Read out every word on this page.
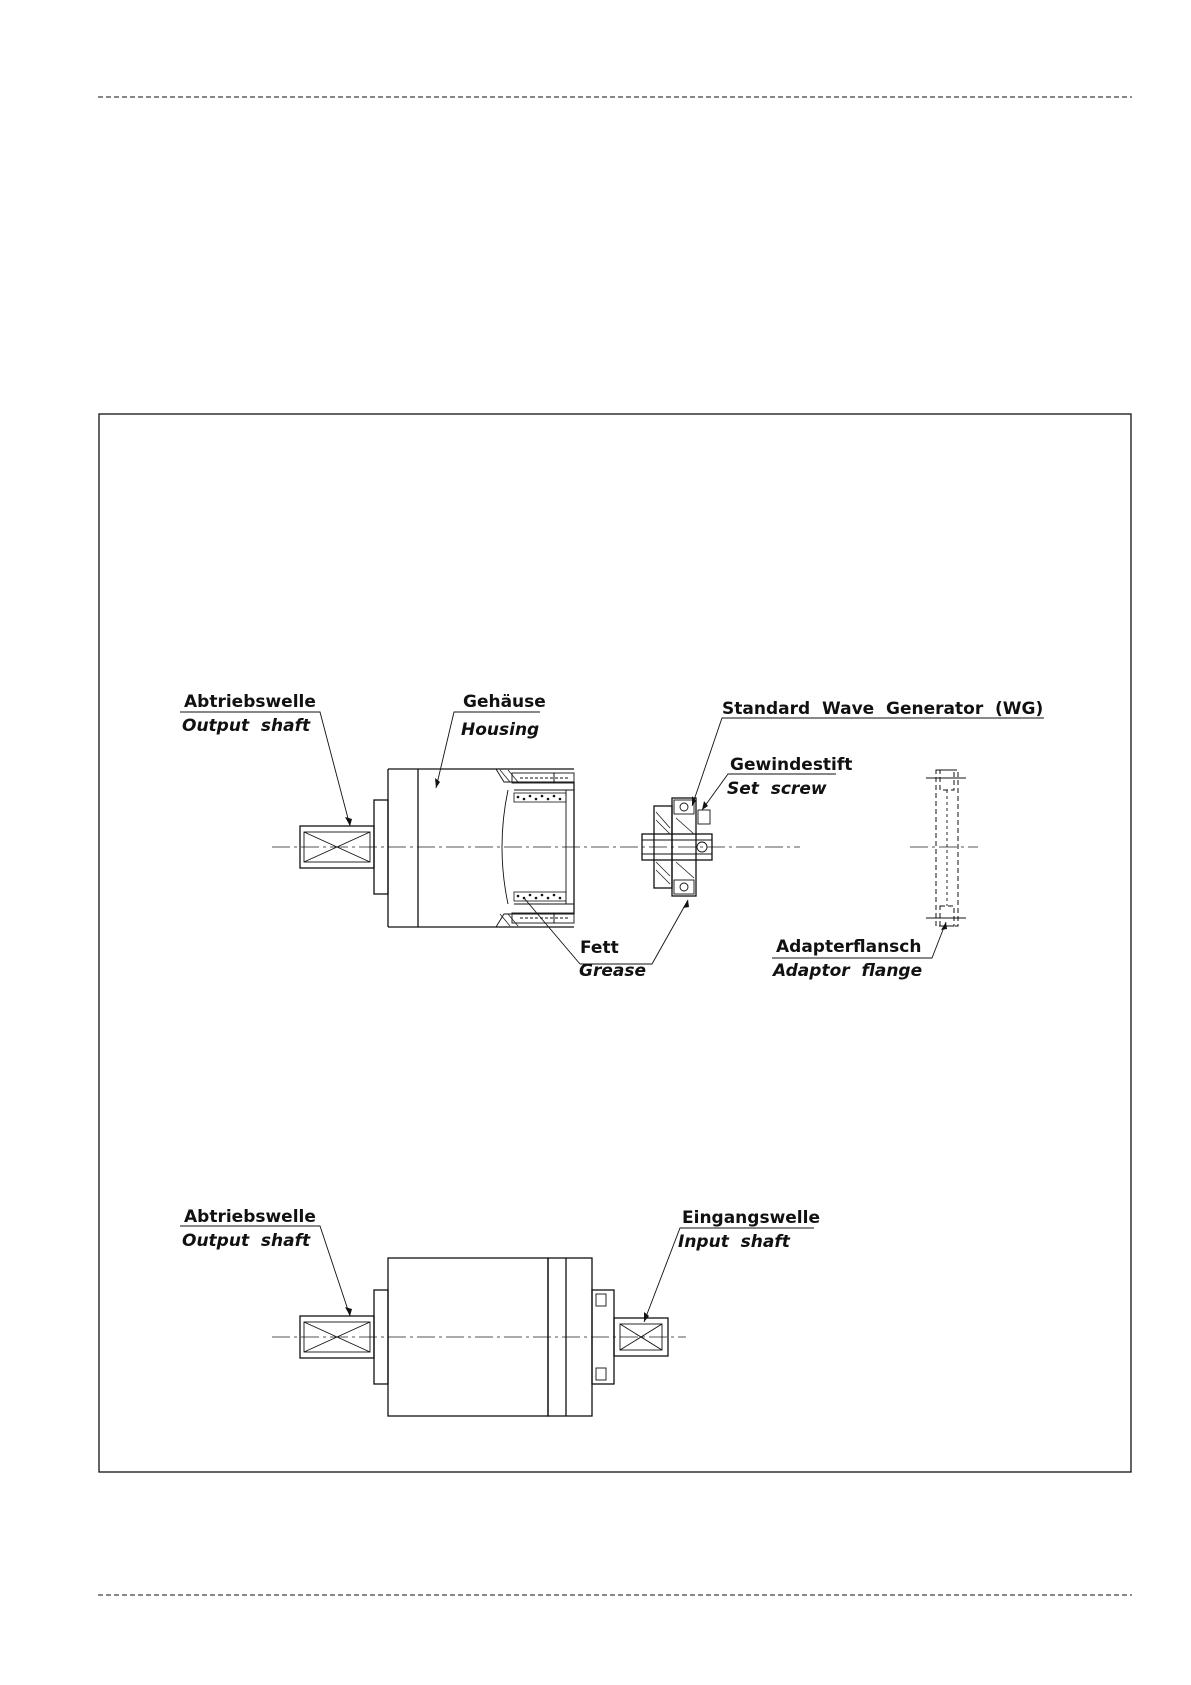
Abtriebswelle
Output  shaft
Gehäuse
Housing
Standard  Wave  Generator  (WG)
Gewindestift
Set  screw
Fett
Grease
Adapterflansch
Adaptor  flange
Abtriebswelle
Output  shaft
Eingangswelle
Input  shaft
